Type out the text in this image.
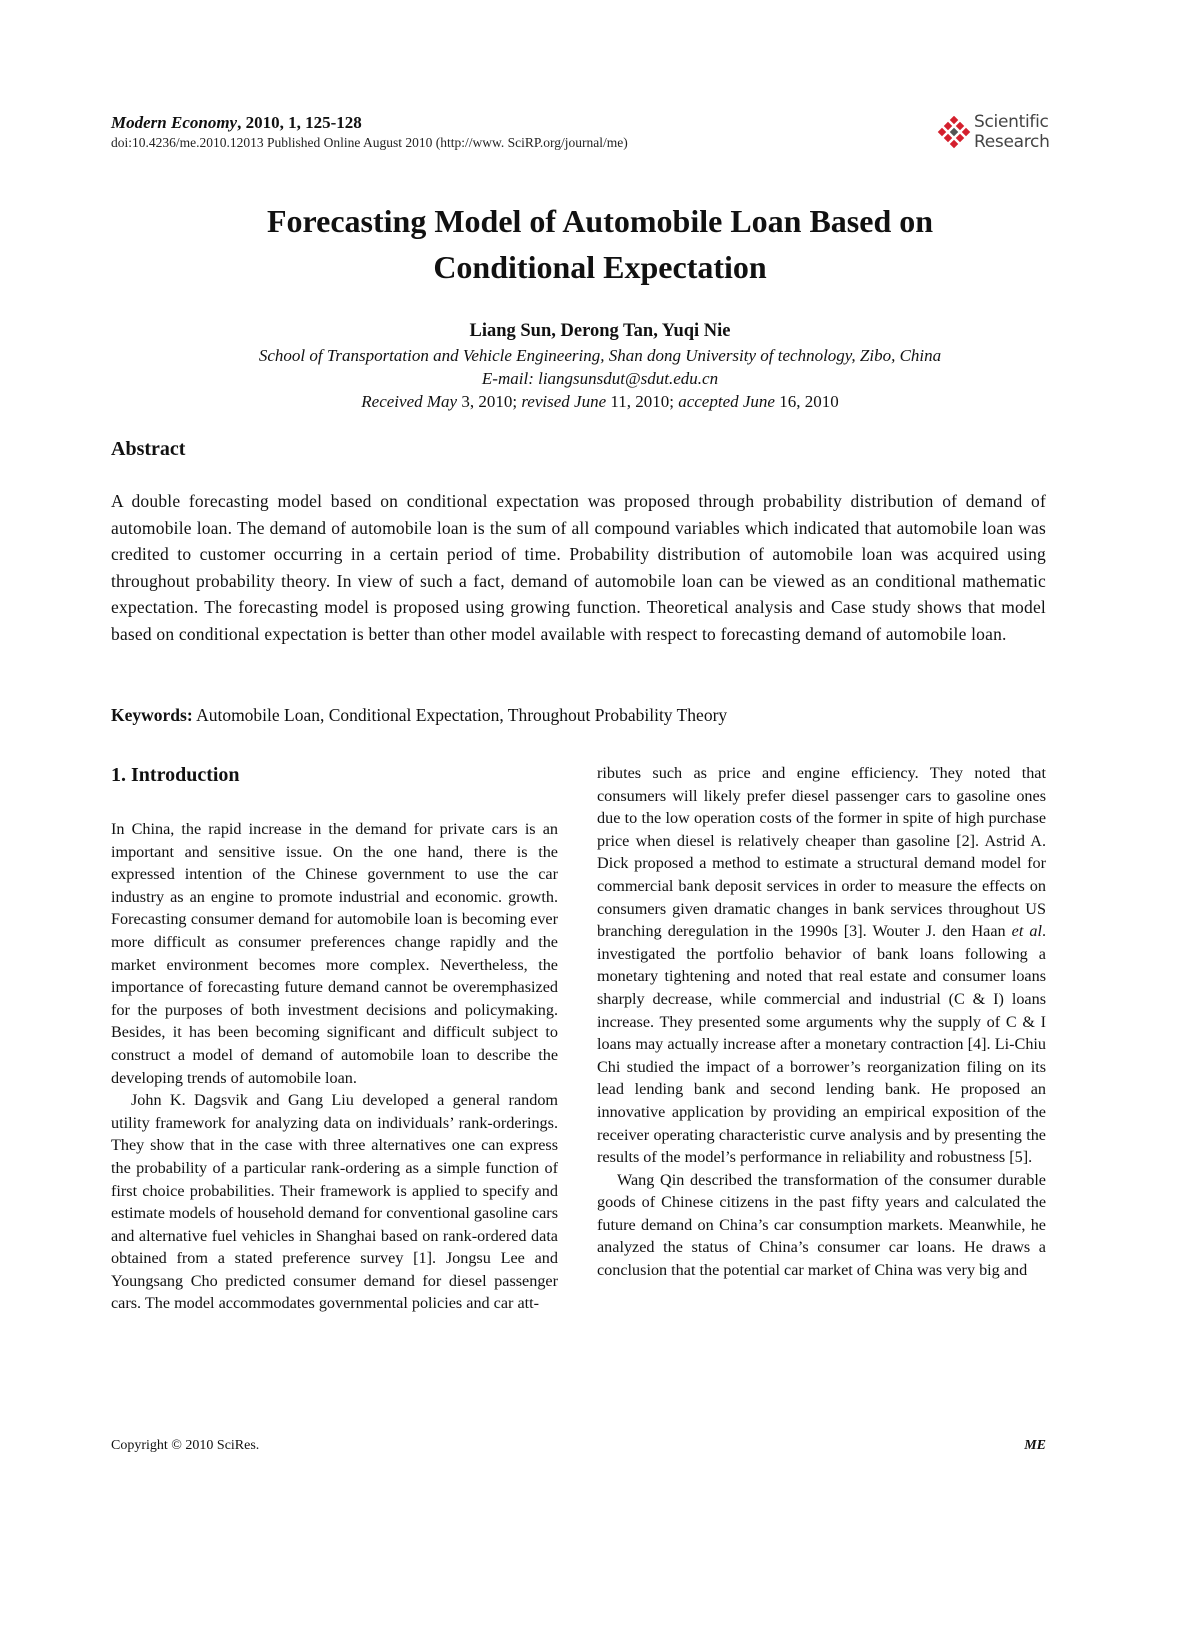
Modern Economy, 2010, 1, 125-128
doi:10.4236/me.2010.12013 Published Online August 2010 (http://www. SciRP.org/journal/me)
Scientific
Research
Forecasting Model of Automobile Loan Based on
Conditional Expectation
Liang Sun, Derong Tan, Yuqi Nie
School of Transportation and Vehicle Engineering, Shan dong University of technology, Zibo, China
E-mail: liangsunsdut@sdut.edu.cn
Received May 3, 2010; revised June 11, 2010; accepted June 16, 2010
Abstract
A double forecasting model based on conditional expectation was proposed through probability distribution of demand of automobile loan. The demand of automobile loan is the sum of all compound variables which indicated that automobile loan was credited to customer occurring in a certain period of time. Probability distribution of automobile loan was acquired using throughout probability theory. In view of such a fact, demand of automobile loan can be viewed as an conditional mathematic expectation. The forecasting model is proposed using growing function. Theoretical analysis and Case study shows that model based on conditional expectation is better than other model available with respect to forecasting demand of automobile loan.
Keywords: Automobile Loan, Conditional Expectation, Throughout Probability Theory
1. Introduction

In China, the rapid increase in the demand for private cars is an important and sensitive issue. On the one hand, there is the expressed intention of the Chinese government to use the car industry as an engine to promote industrial and economic. growth. Forecasting consumer demand for automobile loan is becoming ever more difficult as consumer preferences change rapidly and the market environment becomes more complex. Nevertheless, the importance of forecasting future demand cannot be overemphasized for the purposes of both investment decisions and policymaking. Besides, it has been becoming significant and difficult subject to construct a model of demand of automobile loan to describe the developing trends of automobile loan.

John K. Dagsvik and Gang Liu developed a general random utility framework for analyzing data on individuals’ rank-orderings. They show that in the case with three alternatives one can express the probability of a particular rank-ordering as a simple function of first choice probabilities. Their framework is applied to specify and estimate models of household demand for conventional gasoline cars and alternative fuel vehicles in Shanghai based on rank-ordered data obtained from a stated preference survey [1]. Jongsu Lee and Youngsang Cho predicted consumer demand for diesel passenger cars. The model accommodates governmental policies and car att-

ributes such as price and engine efficiency. They noted that consumers will likely prefer diesel passenger cars to gasoline ones due to the low operation costs of the former in spite of high purchase price when diesel is relatively cheaper than gasoline [2]. Astrid A. Dick proposed a method to estimate a structural demand model for commercial bank deposit services in order to measure the effects on consumers given dramatic changes in bank services throughout US branching deregulation in the 1990s [3]. Wouter J. den Haan et al. investigated the portfolio behavior of bank loans following a monetary tightening and noted that real estate and consumer loans sharply decrease, while commercial and industrial (C & I) loans increase. They presented some arguments why the supply of C & I loans may actually increase after a monetary contraction [4]. Li-Chiu Chi studied the impact of a borrower’s reorganization filing on its lead lending bank and second lending bank. He proposed an innovative application by providing an empirical exposition of the receiver operating characteristic curve analysis and by presenting the results of the model’s performance in reliability and robustness [5].

Wang Qin described the transformation of the consumer durable goods of Chinese citizens in the past fifty years and calculated the future demand on China’s car consumption markets. Meanwhile, he analyzed the status of China’s consumer car loans. He draws a conclusion that the potential car market of China was very big and

Copyright © 2010 SciRes.	ME
